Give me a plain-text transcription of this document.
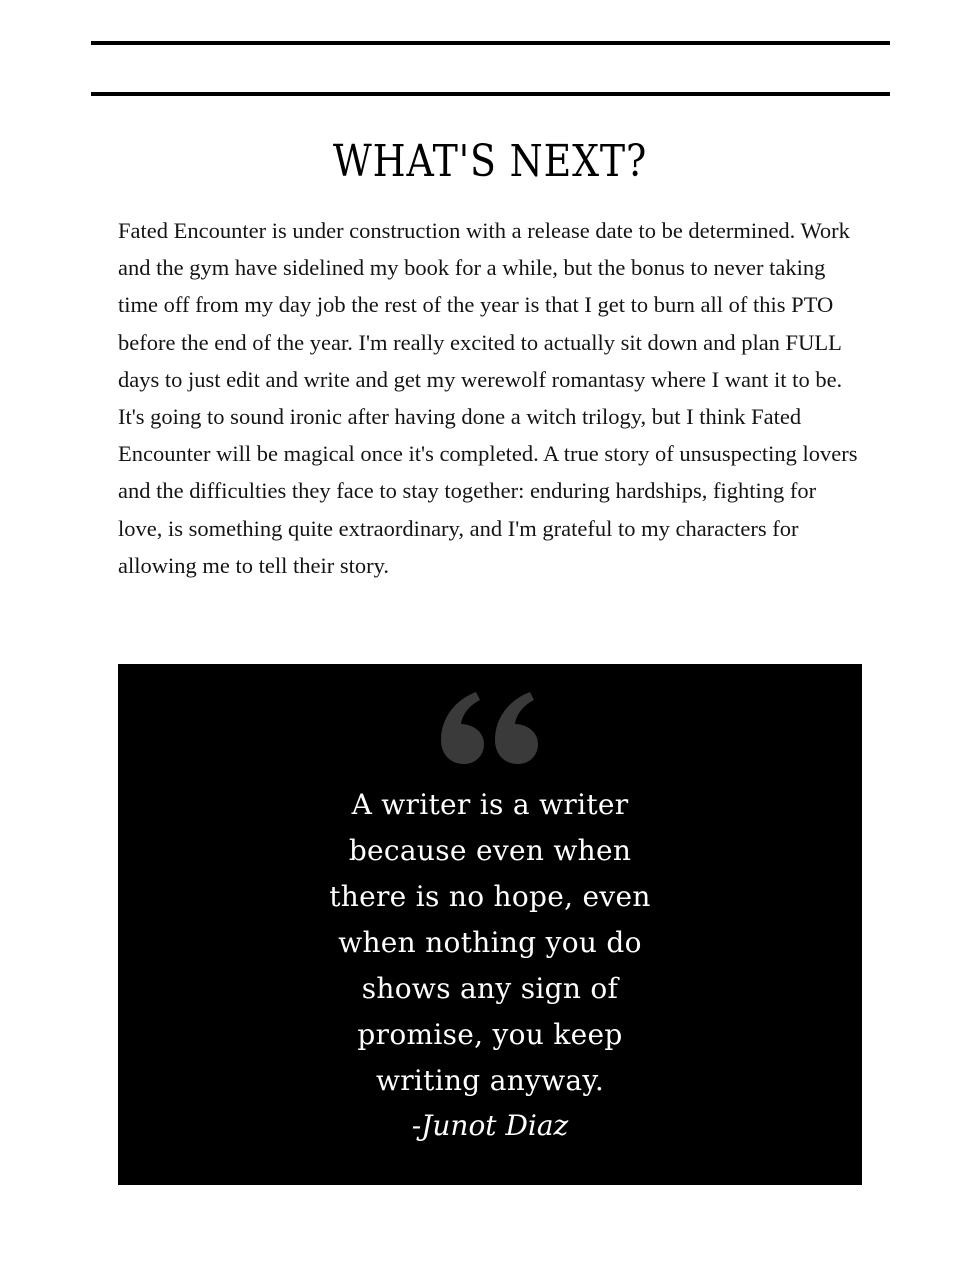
WHAT'S NEXT?

Fated Encounter is under construction with a release date to be determined. Work and the gym have sidelined my book for a while, but the bonus to never taking time off from my day job the rest of the year is that I get to burn all of this PTO before the end of the year. I'm really excited to actually sit down and plan FULL days to just edit and write and get my werewolf romantasy where I want it to be. It's going to sound ironic after having done a witch trilogy, but I think Fated Encounter will be magical once it's completed. A true story of unsuspecting lovers and the difficulties they face to stay together: enduring hardships, fighting for love, is something quite extraordinary, and I'm grateful to my characters for allowing me to tell their story.

A writer is a writer
because even when
there is no hope, even
when nothing you do
shows any sign of
promise, you keep
writing anyway.

-Junot Diaz
